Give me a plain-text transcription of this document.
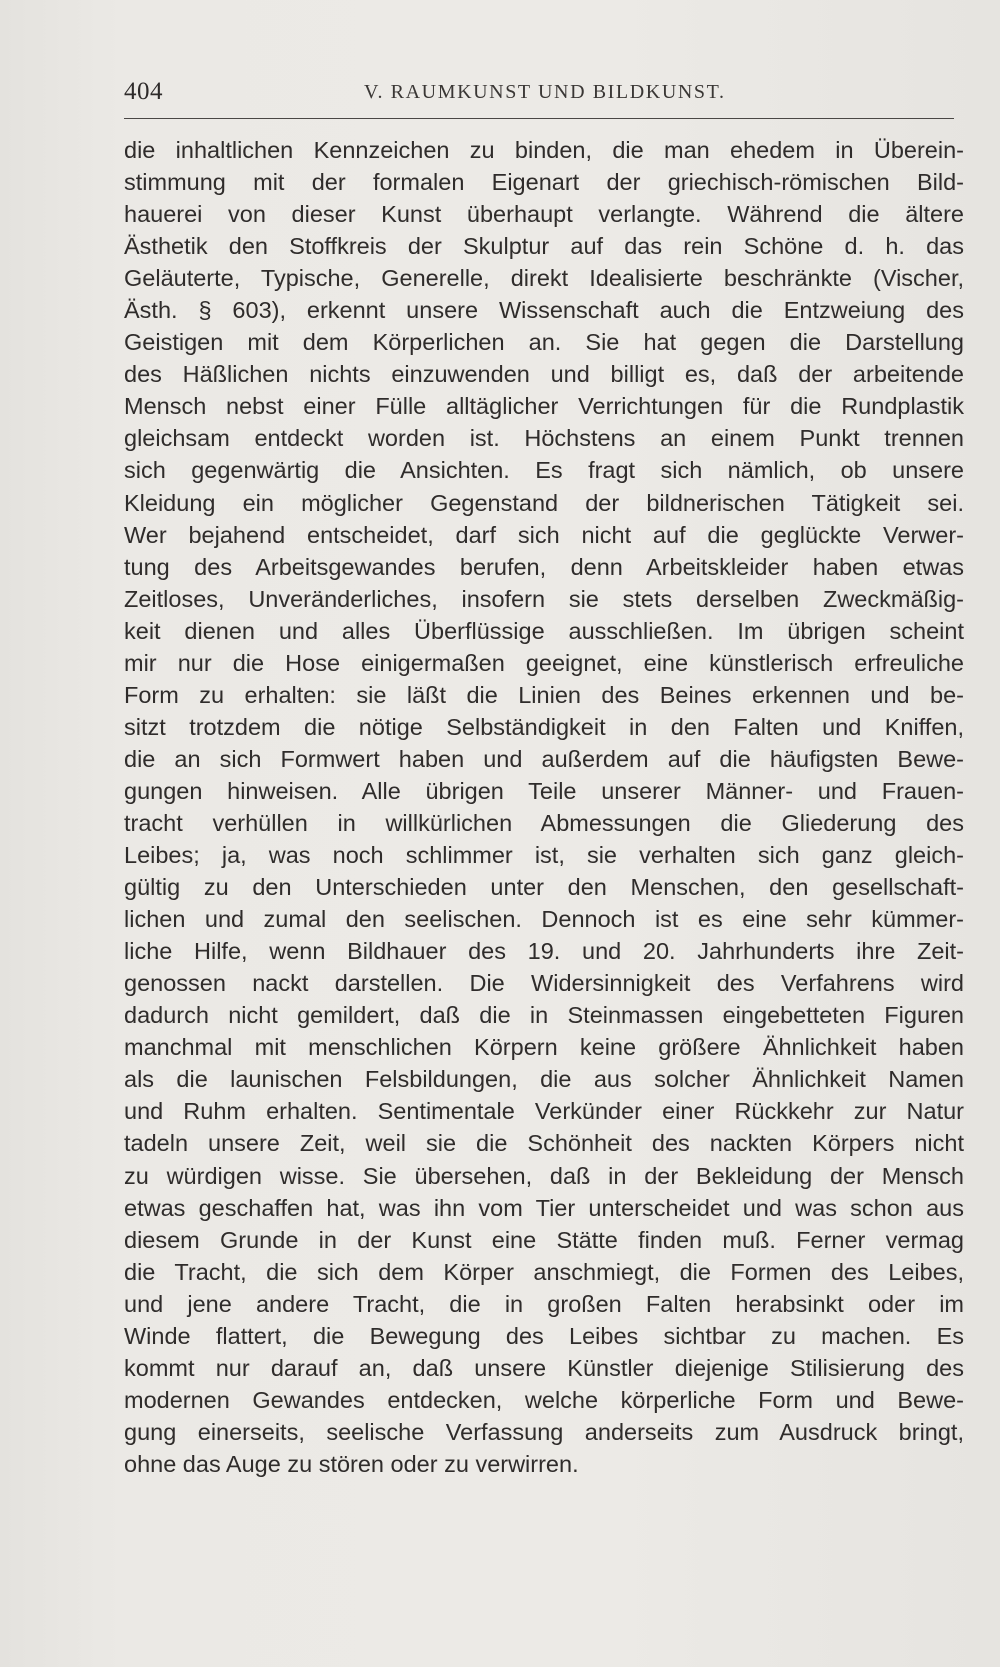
404	V. RAUMKUNST UND BILDKUNST.
die inhaltlichen Kennzeichen zu binden, die man ehedem in Überein-
stimmung mit der formalen Eigenart der griechisch-römischen Bild-
hauerei von dieser Kunst überhaupt verlangte. Während die ältere
Ästhetik den Stoffkreis der Skulptur auf das rein Schöne d. h. das
Geläuterte, Typische, Generelle, direkt Idealisierte beschränkte (Vischer,
Ästh. § 603), erkennt unsere Wissenschaft auch die Entzweiung des
Geistigen mit dem Körperlichen an. Sie hat gegen die Darstellung
des Häßlichen nichts einzuwenden und billigt es, daß der arbeitende
Mensch nebst einer Fülle alltäglicher Verrichtungen für die Rundplastik
gleichsam entdeckt worden ist. Höchstens an einem Punkt trennen
sich gegenwärtig die Ansichten. Es fragt sich nämlich, ob unsere
Kleidung ein möglicher Gegenstand der bildnerischen Tätigkeit sei.
Wer bejahend entscheidet, darf sich nicht auf die geglückte Verwer-
tung des Arbeitsgewandes berufen, denn Arbeitskleider haben etwas
Zeitloses, Unveränderliches, insofern sie stets derselben Zweckmäßig-
keit dienen und alles Überflüssige ausschließen. Im übrigen scheint
mir nur die Hose einigermaßen geeignet, eine künstlerisch erfreuliche
Form zu erhalten: sie läßt die Linien des Beines erkennen und be-
sitzt trotzdem die nötige Selbständigkeit in den Falten und Kniffen,
die an sich Formwert haben und außerdem auf die häufigsten Bewe-
gungen hinweisen. Alle übrigen Teile unserer Männer- und Frauen-
tracht verhüllen in willkürlichen Abmessungen die Gliederung des
Leibes; ja, was noch schlimmer ist, sie verhalten sich ganz gleich-
gültig zu den Unterschieden unter den Menschen, den gesellschaft-
lichen und zumal den seelischen. Dennoch ist es eine sehr kümmer-
liche Hilfe, wenn Bildhauer des 19. und 20. Jahrhunderts ihre Zeit-
genossen nackt darstellen. Die Widersinnigkeit des Verfahrens wird
dadurch nicht gemildert, daß die in Steinmassen eingebetteten Figuren
manchmal mit menschlichen Körpern keine größere Ähnlichkeit haben
als die launischen Felsbildungen, die aus solcher Ähnlichkeit Namen
und Ruhm erhalten. Sentimentale Verkünder einer Rückkehr zur Natur
tadeln unsere Zeit, weil sie die Schönheit des nackten Körpers nicht
zu würdigen wisse. Sie übersehen, daß in der Bekleidung der Mensch
etwas geschaffen hat, was ihn vom Tier unterscheidet und was schon aus
diesem Grunde in der Kunst eine Stätte finden muß. Ferner vermag
die Tracht, die sich dem Körper anschmiegt, die Formen des Leibes,
und jene andere Tracht, die in großen Falten herabsinkt oder im
Winde flattert, die Bewegung des Leibes sichtbar zu machen. Es
kommt nur darauf an, daß unsere Künstler diejenige Stilisierung des
modernen Gewandes entdecken, welche körperliche Form und Bewe-
gung einerseits, seelische Verfassung anderseits zum Ausdruck bringt,
ohne das Auge zu stören oder zu verwirren.
